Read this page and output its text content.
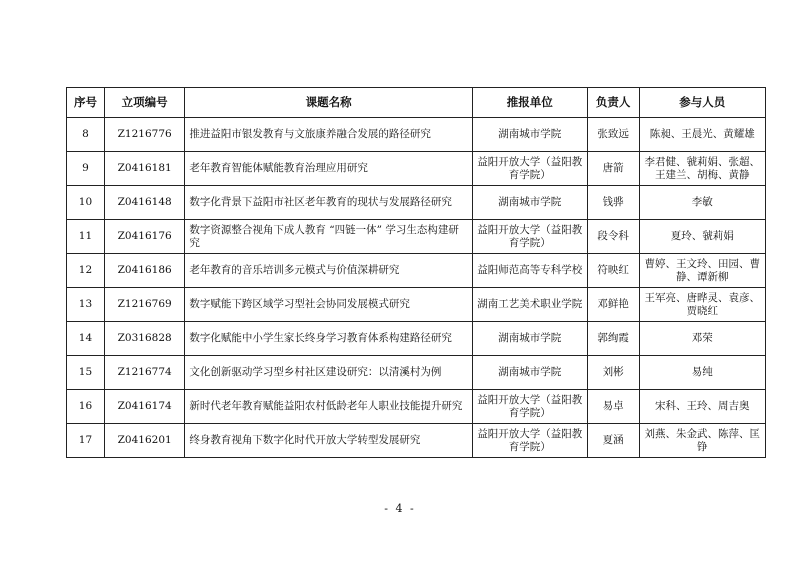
序号	立项编号	课题名称	推报单位	负责人	参与人员
8	Z1216776	推进益阳市银发教育与文旅康养融合发展的路径研究	湖南城市学院	张致远	陈昶、王晨光、黄耀雄
9	Z0416181	老年教育智能体赋能教育治理应用研究	益阳开放大学（益阳教育学院）	唐箭	李君健、虢莉娟、张超、王建兰、胡梅、黄静
10	Z0416148	数字化背景下益阳市社区老年教育的现状与发展路径研究	湖南城市学院	钱骅	李敏
11	Z0416176	数字资源整合视角下成人教育 “四链一体” 学习生态构建研究	益阳开放大学（益阳教育学院）	段令科	夏玲、虢莉娟
12	Z0416186	老年教育的音乐培训多元模式与价值深耕研究	益阳师范高等专科学校	符映红	曹婷、王文玲、田园、曹静、谭新柳
13	Z1216769	数字赋能下跨区域学习型社会协同发展模式研究	湖南工艺美术职业学院	邓鲜艳	王军亮、唐晔灵、袁彦、贾晓红
14	Z0316828	数字化赋能中小学生家长终身学习教育体系构建路径研究	湖南城市学院	郭绚霞	邓荣
15	Z1216774	文化创新驱动学习型乡村社区建设研究：以清溪村为例	湖南城市学院	刘彬	易纯
16	Z0416174	新时代老年教育赋能益阳农村低龄老年人职业技能提升研究	益阳开放大学（益阳教育学院）	易卓	宋科、王玲、周吉奥
17	Z0416201	终身教育视角下数字化时代开放大学转型发展研究	益阳开放大学（益阳教育学院）	夏涵	刘燕、朱金武、陈萍、匡铮
- 4 -
